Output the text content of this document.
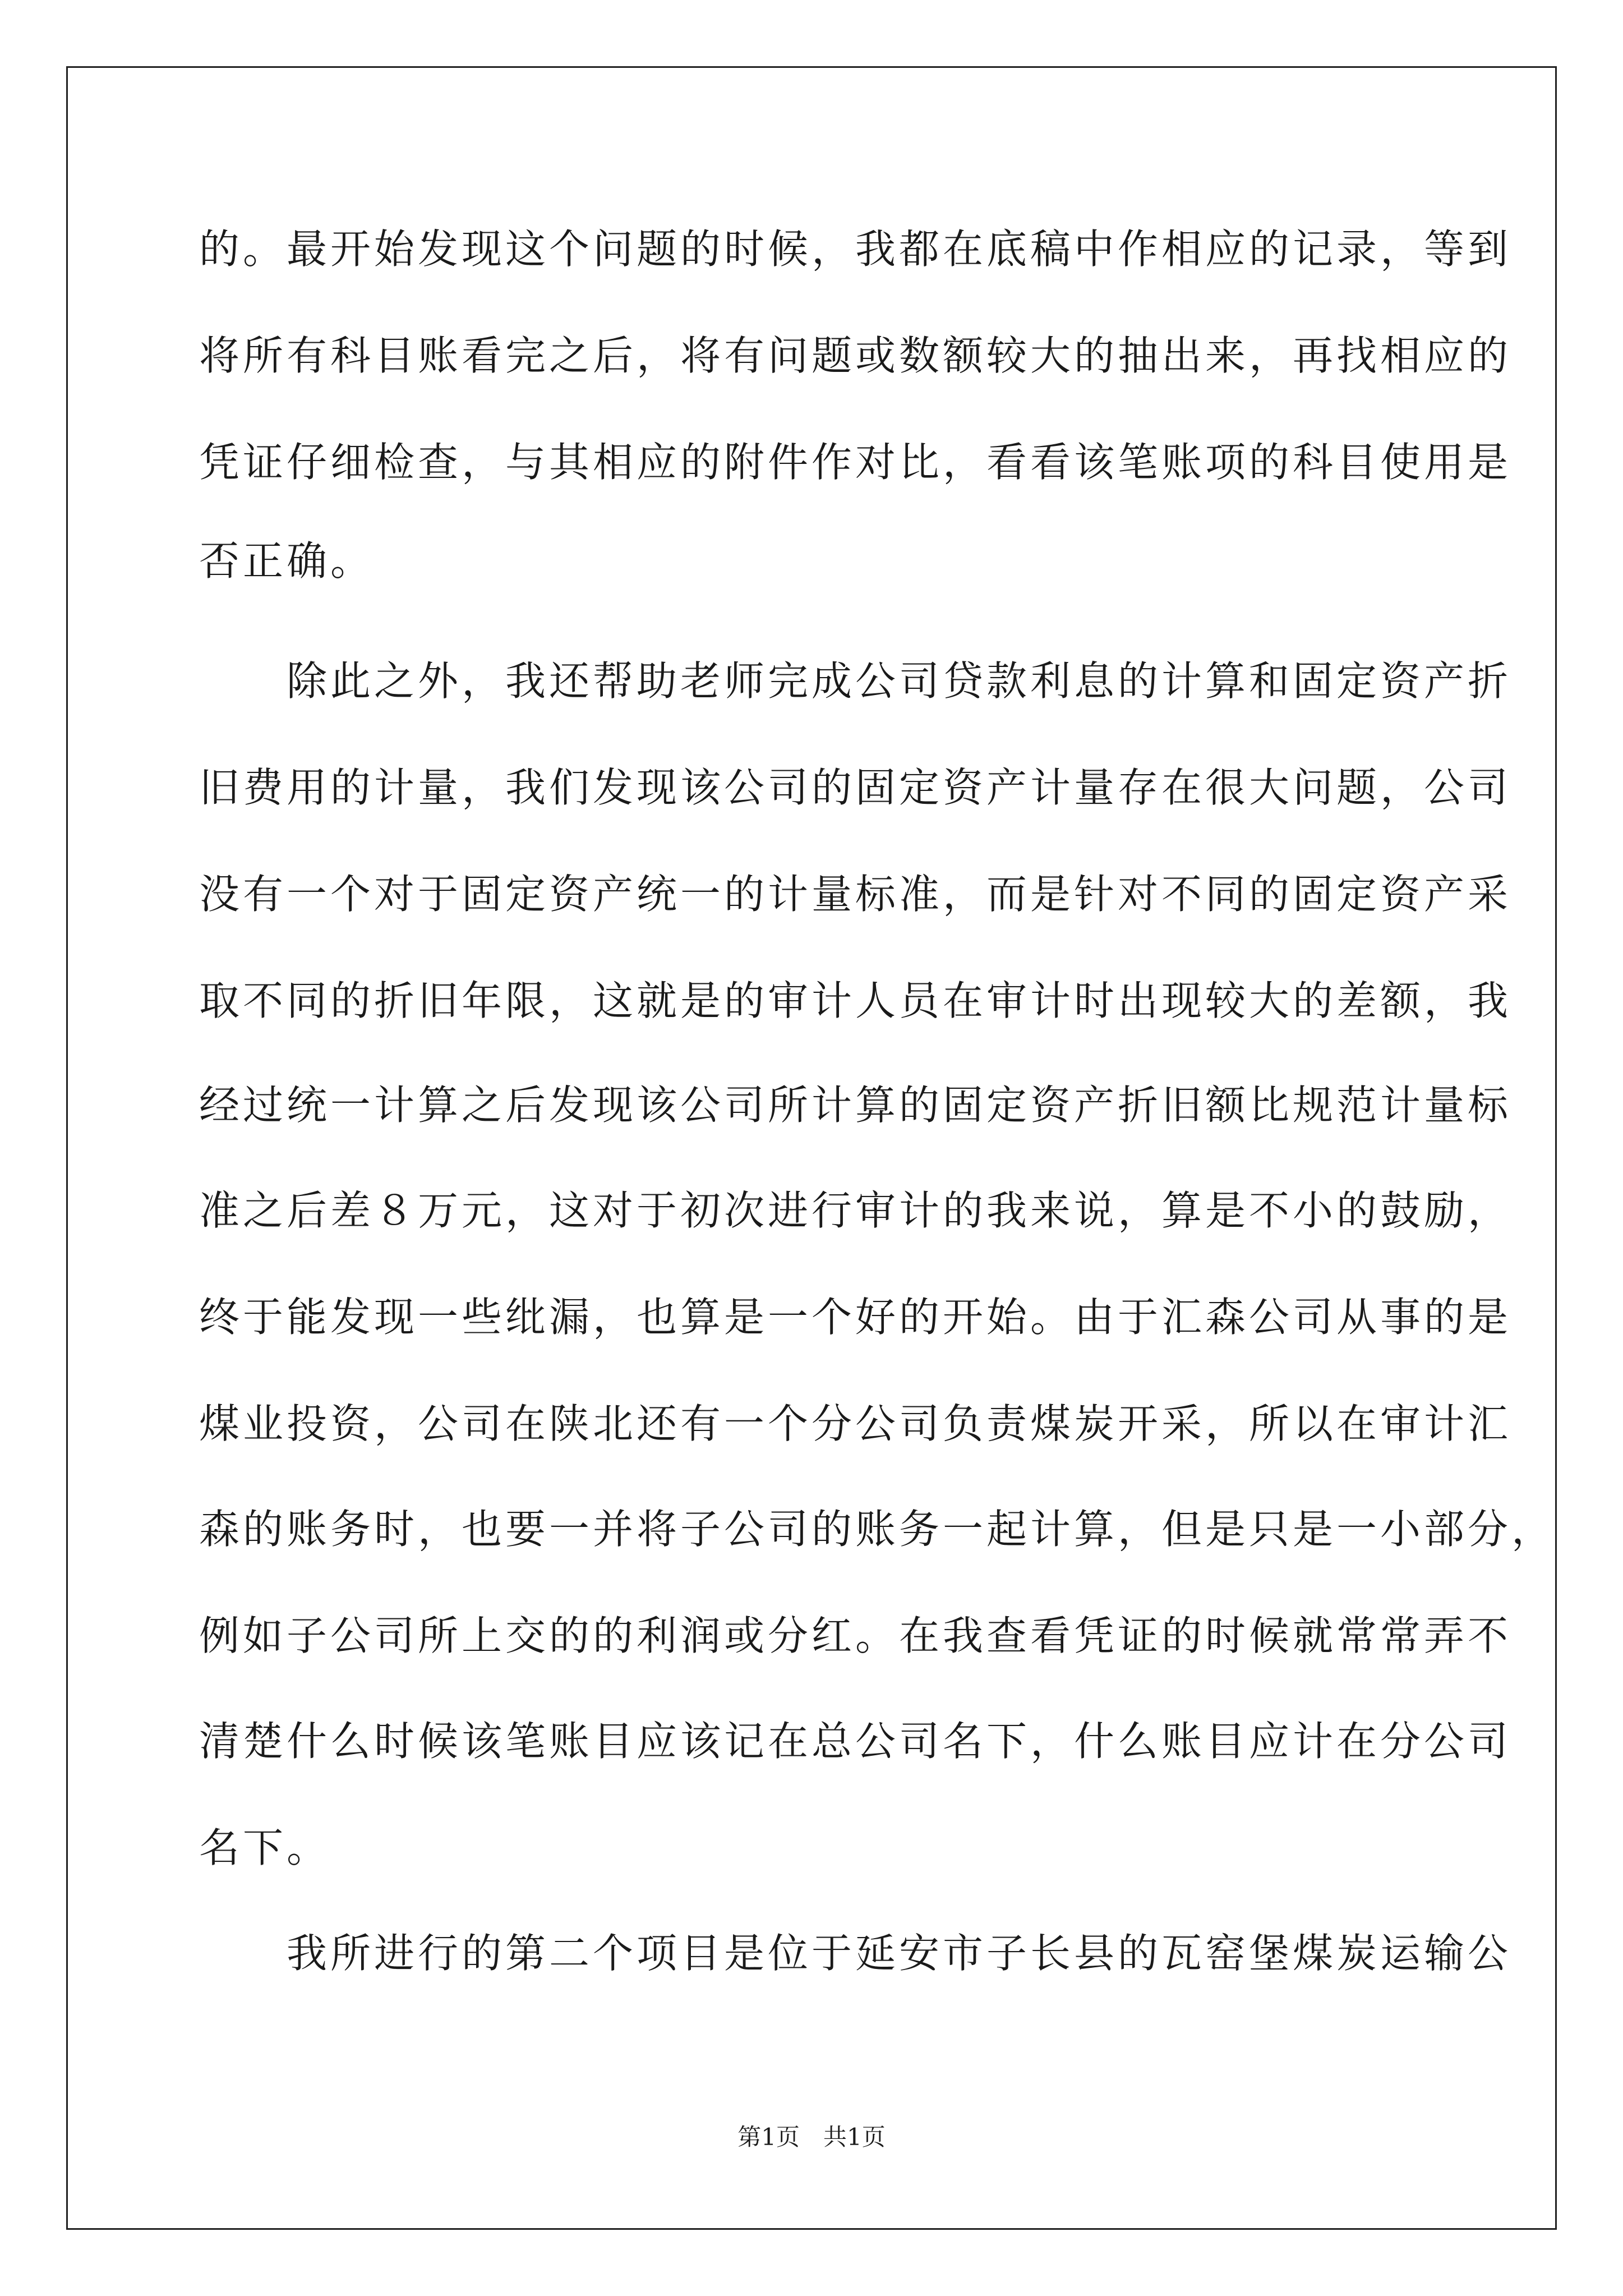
的。最开始发现这个问题的时候，我都在底稿中作相应的记录，等到
将所有科目账看完之后，将有问题或数额较大的抽出来，再找相应的
凭证仔细检查，与其相应的附件作对比，看看该笔账项的科目使用是
否正确。
　　除此之外，我还帮助老师完成公司贷款利息的计算和固定资产折
旧费用的计量，我们发现该公司的固定资产计量存在很大问题，公司
没有一个对于固定资产统一的计量标准，而是针对不同的固定资产采
取不同的折旧年限，这就是的审计人员在审计时出现较大的差额，我
经过统一计算之后发现该公司所计算的固定资产折旧额比规范计量标
准之后差８万元，这对于初次进行审计的我来说，算是不小的鼓励，
终于能发现一些纰漏，也算是一个好的开始。由于汇森公司从事的是
煤业投资，公司在陕北还有一个分公司负责煤炭开采，所以在审计汇
森的账务时，也要一并将子公司的账务一起计算，但是只是一小部分，
例如子公司所上交的的利润或分红。在我查看凭证的时候就常常弄不
清楚什么时候该笔账目应该记在总公司名下，什么账目应计在分公司
名下。
　　我所进行的第二个项目是位于延安市子长县的瓦窑堡煤炭运输公
第1页　共1页
